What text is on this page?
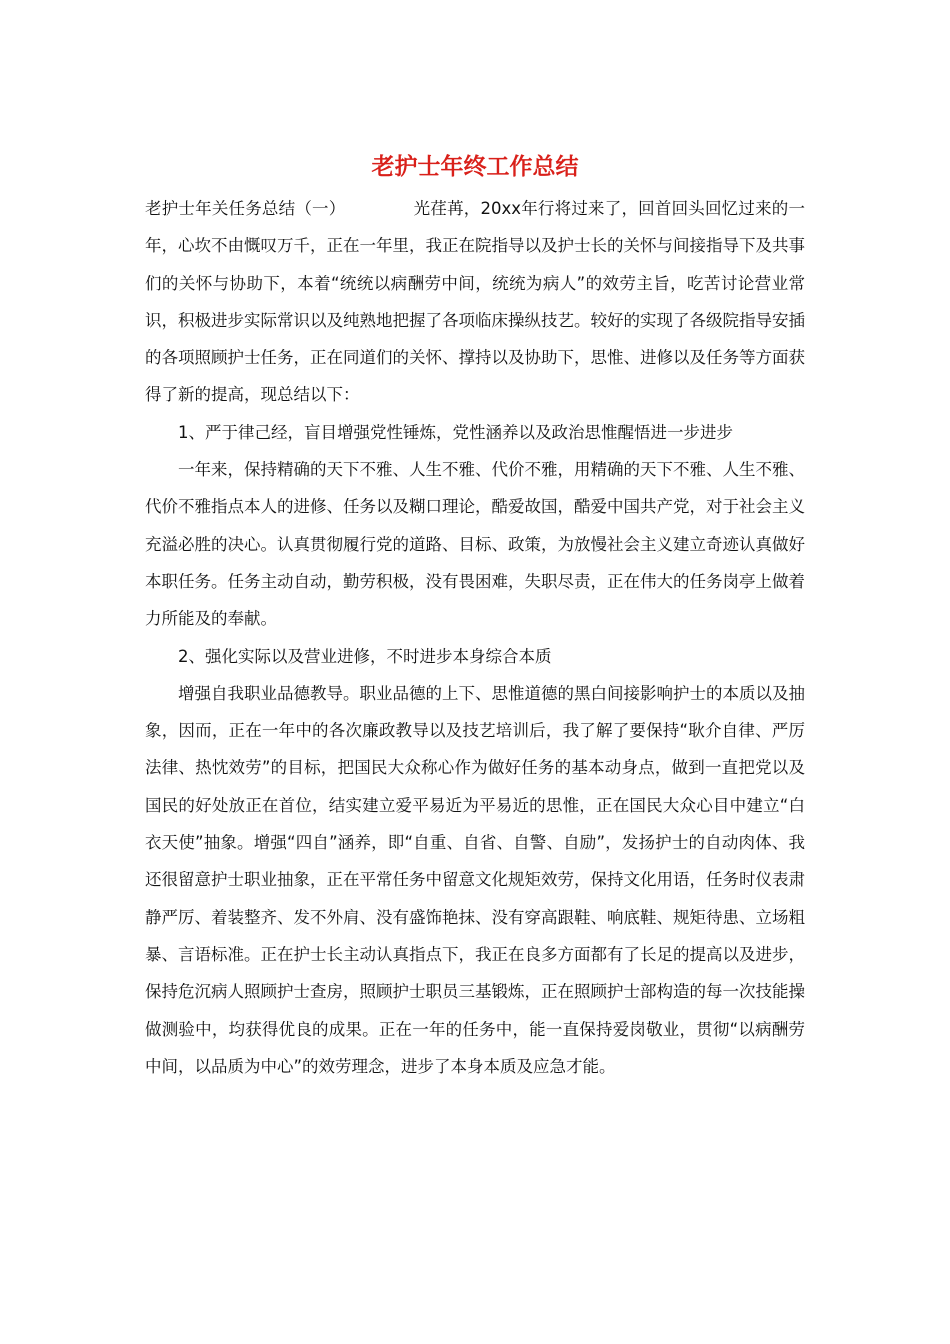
老护士年终工作总结

老护士年关任务总结（一）	光荏苒，20xx年行将过来了，回首回头回忆过来的一年，心坎不由慨叹万千，正在一年里，我正在院指导以及护士长的关怀与间接指导下及共事们的关怀与协助下，本着“统统以病酬劳中间，统统为病人”的效劳主旨，吃苦讨论营业常识，积极进步实际常识以及纯熟地把握了各项临床操纵技艺。较好的实现了各级院指导安插的各项照顾护士任务，正在同道们的关怀、撑持以及协助下，思惟、进修以及任务等方面获得了新的提高，现总结以下：

1、严于律己经，盲目增强党性锤炼，党性涵养以及政治思惟醒悟进一步进步

一年来，保持精确的天下不雅、人生不雅、代价不雅，用精确的天下不雅、人生不雅、代价不雅指点本人的进修、任务以及糊口理论，酷爱故国，酷爱中国共产党，对于社会主义充溢必胜的决心。认真贯彻履行党的道路、目标、政策，为放慢社会主义建立奇迹认真做好本职任务。任务主动自动，勤劳积极，没有畏困难，失职尽责，正在伟大的任务岗亭上做着力所能及的奉献。

2、强化实际以及营业进修，不时进步本身综合本质

增强自我职业品德教导。职业品德的上下、思惟道德的黑白间接影响护士的本质以及抽象，因而，正在一年中的各次廉政教导以及技艺培训后，我了解了要保持“耿介自律、严厉法律、热忱效劳”的目标，把国民大众称心作为做好任务的基本动身点，做到一直把党以及国民的好处放正在首位，结实建立爱平易近为平易近的思惟，正在国民大众心目中建立“白衣天使”抽象。增强“四自”涵养，即“自重、自省、自警、自励”，发扬护士的自动肉体、我还很留意护士职业抽象，正在平常任务中留意文化规矩效劳，保持文化用语，任务时仪表肃静严厉、着装整齐、发不外肩、没有盛饰艳抹、没有穿高跟鞋、响底鞋、规矩待患、立场粗暴、言语标准。正在护士长主动认真指点下，我正在良多方面都有了长足的提高以及进步，保持危沉病人照顾护士查房，照顾护士职员三基锻炼，正在照顾护士部构造的每一次技能操做测验中，均获得优良的成果。正在一年的任务中，能一直保持爱岗敬业，贯彻“以病酬劳中间，以品质为中心”的效劳理念，进步了本身本质及应急才能。
